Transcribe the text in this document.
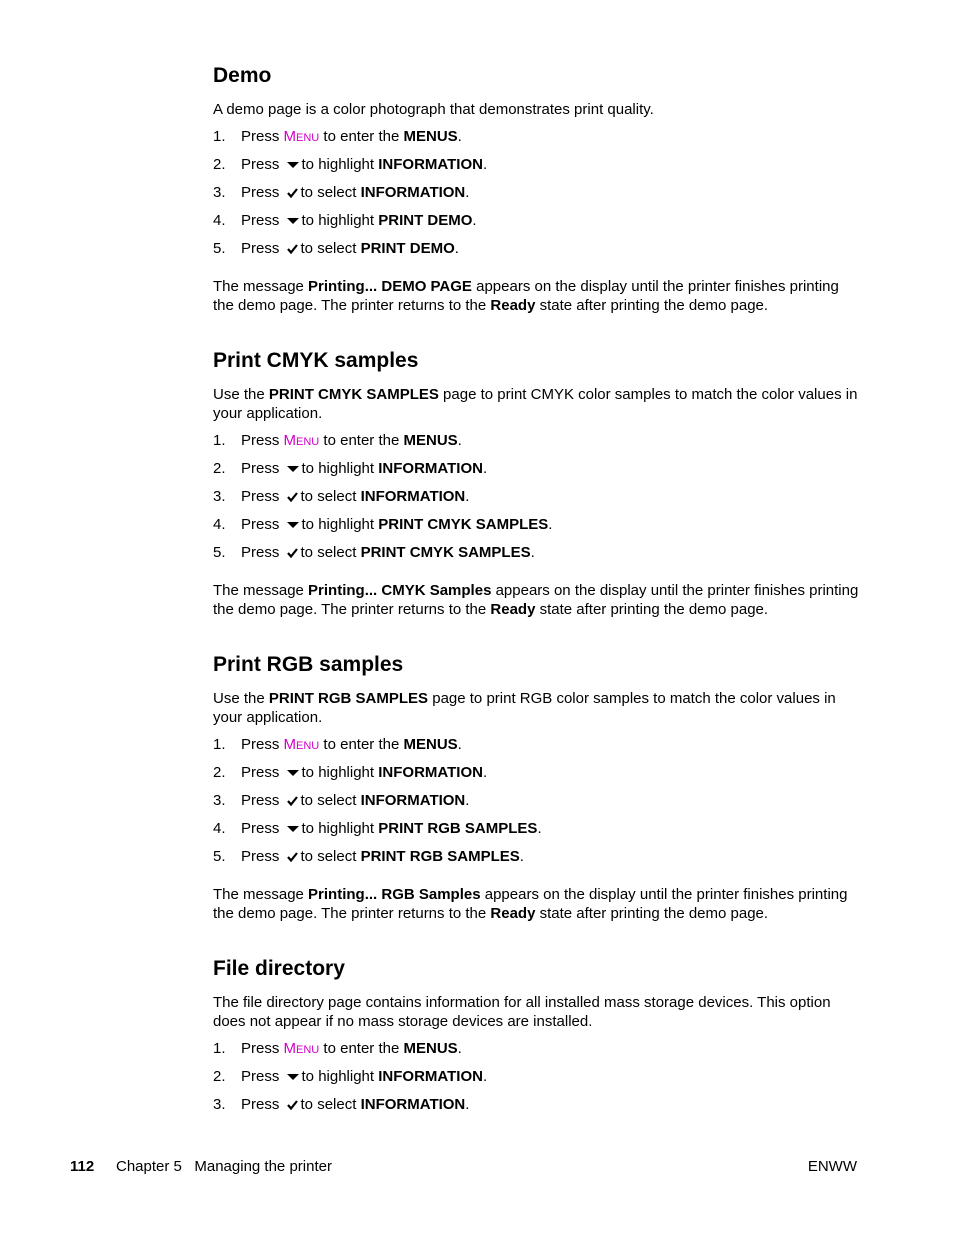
Demo

A demo page is a color photograph that demonstrates print quality.

1. Press MENU to enter the MENUS.
2. Press to highlight INFORMATION.
3. Press to select INFORMATION.
4. Press to highlight PRINT DEMO.
5. Press to select PRINT DEMO.

The message Printing... DEMO PAGE appears on the display until the printer finishes printing the demo page. The printer returns to the Ready state after printing the demo page.

Print CMYK samples

Use the PRINT CMYK SAMPLES page to print CMYK color samples to match the color values in your application.

1. Press MENU to enter the MENUS.
2. Press to highlight INFORMATION.
3. Press to select INFORMATION.
4. Press to highlight PRINT CMYK SAMPLES.
5. Press to select PRINT CMYK SAMPLES.

The message Printing... CMYK Samples appears on the display until the printer finishes printing the demo page. The printer returns to the Ready state after printing the demo page.

Print RGB samples

Use the PRINT RGB SAMPLES page to print RGB color samples to match the color values in your application.

1. Press MENU to enter the MENUS.
2. Press to highlight INFORMATION.
3. Press to select INFORMATION.
4. Press to highlight PRINT RGB SAMPLES.
5. Press to select PRINT RGB SAMPLES.

The message Printing... RGB Samples appears on the display until the printer finishes printing the demo page. The printer returns to the Ready state after printing the demo page.

File directory

The file directory page contains information for all installed mass storage devices. This option does not appear if no mass storage devices are installed.

1. Press MENU to enter the MENUS.
2. Press to highlight INFORMATION.
3. Press to select INFORMATION.
112 Chapter 5   Managing the printer	ENWW
